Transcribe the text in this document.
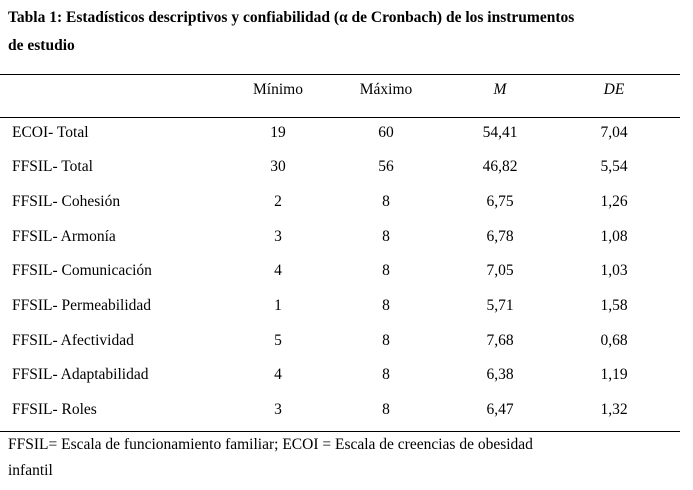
Tabla 1: Estadísticos descriptivos y confiabilidad (α de Cronbach) de los instrumentos
de estudio
Mínimo	Máximo	M	DE
ECOI- Total	19	60	54,41	7,04
FFSIL- Total	30	56	46,82	5,54
FFSIL- Cohesión	2	8	6,75	1,26
FFSIL- Armonía	3	8	6,78	1,08
FFSIL- Comunicación	4	8	7,05	1,03
FFSIL- Permeabilidad	1	8	5,71	1,58
FFSIL- Afectividad	5	8	7,68	0,68
FFSIL- Adaptabilidad	4	8	6,38	1,19
FFSIL- Roles	3	8	6,47	1,32
FFSIL= Escala de funcionamiento familiar; ECOI = Escala de creencias de obesidad
infantil
